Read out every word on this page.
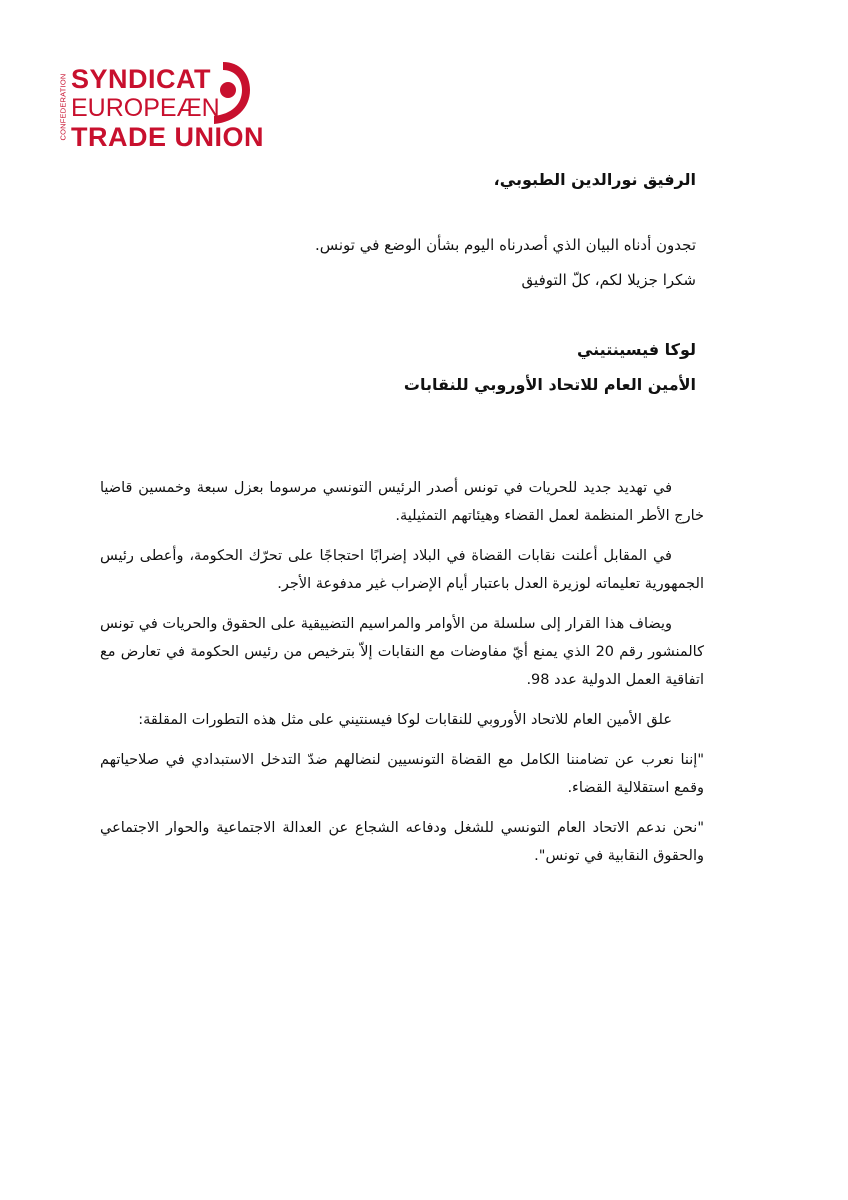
CONFEDERATION SYNDICAT
EUROPEÆN
TRADE UNION
الرفيق نورالدين الطبوبي،
تجدون أدناه البيان الذي أصدرناه اليوم بشأن الوضع في تونس.
شكرا جزيلا لكم، كلّ التوفيق
لوكا فيسينتيني
الأمين العام للاتحاد الأوروبي للنقابات

في تهديد جديد للحريات في تونس أصدر الرئيس التونسي مرسوما بعزل سبعة وخمسين قاضيا خارج الأطر المنظمة لعمل القضاء وهيئاتهم التمثيلية.

في المقابل أعلنت نقابات القضاة في البلاد إضرابًا احتجاجًا على تحرّك الحكومة، وأعطى رئيس الجمهورية تعليماته لوزيرة العدل باعتبار أيام الإضراب غير مدفوعة الأجر.

ويضاف هذا القرار إلى سلسلة من الأوامر والمراسيم التضييقية على الحقوق والحريات في تونس كالمنشور رقم 20 الذي يمنع أيّ مفاوضات مع النقابات إلاّ بترخيص من رئيس الحكومة في تعارض مع اتفاقية العمل الدولية عدد 98.

علق الأمين العام للاتحاد الأوروبي للنقابات لوكا فيسنتيني على مثل هذه التطورات المقلقة:

"إننا نعرب عن تضامننا الكامل مع القضاة التونسيين لنضالهم ضدّ التدخل الاستبدادي في صلاحياتهم وقمع استقلالية القضاء.

"نحن ندعم الاتحاد العام التونسي للشغل ودفاعه الشجاع عن العدالة الاجتماعية والحوار الاجتماعي والحقوق النقابية في تونس".
